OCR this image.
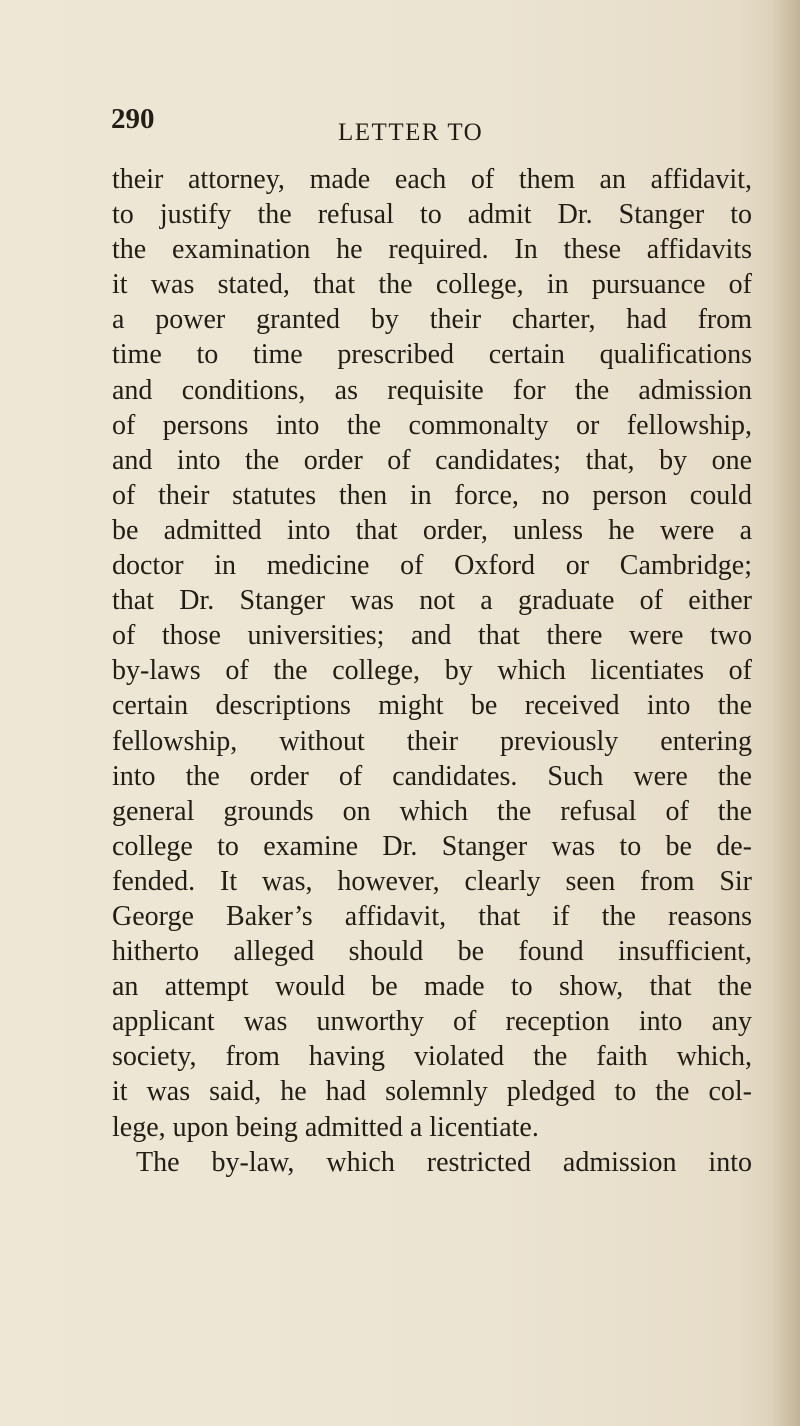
290	LETTER TO
their attorney, made each of them an affidavit,
to justify the refusal to admit Dr. Stanger to
the examination he required. In these affidavits
it was stated, that the college, in pursuance of
a power granted by their charter, had from
time to time prescribed certain qualifications
and conditions, as requisite for the admission
of persons into the commonalty or fellowship,
and into the order of candidates; that, by one
of their statutes then in force, no person could
be admitted into that order, unless he were a
doctor in medicine of Oxford or Cambridge;
that Dr. Stanger was not a graduate of either
of those universities; and that there were two
by-laws of the college, by which licentiates of
certain descriptions might be received into the
fellowship, without their previously entering
into the order of candidates. Such were the
general grounds on which the refusal of the
college to examine Dr. Stanger was to be de-
fended. It was, however, clearly seen from Sir
George Baker’s affidavit, that if the reasons
hitherto alleged should be found insufficient,
an attempt would be made to show, that the
applicant was unworthy of reception into any
society, from having violated the faith which,
it was said, he had solemnly pledged to the col-
lege, upon being admitted a licentiate.
The by-law, which restricted admission into
